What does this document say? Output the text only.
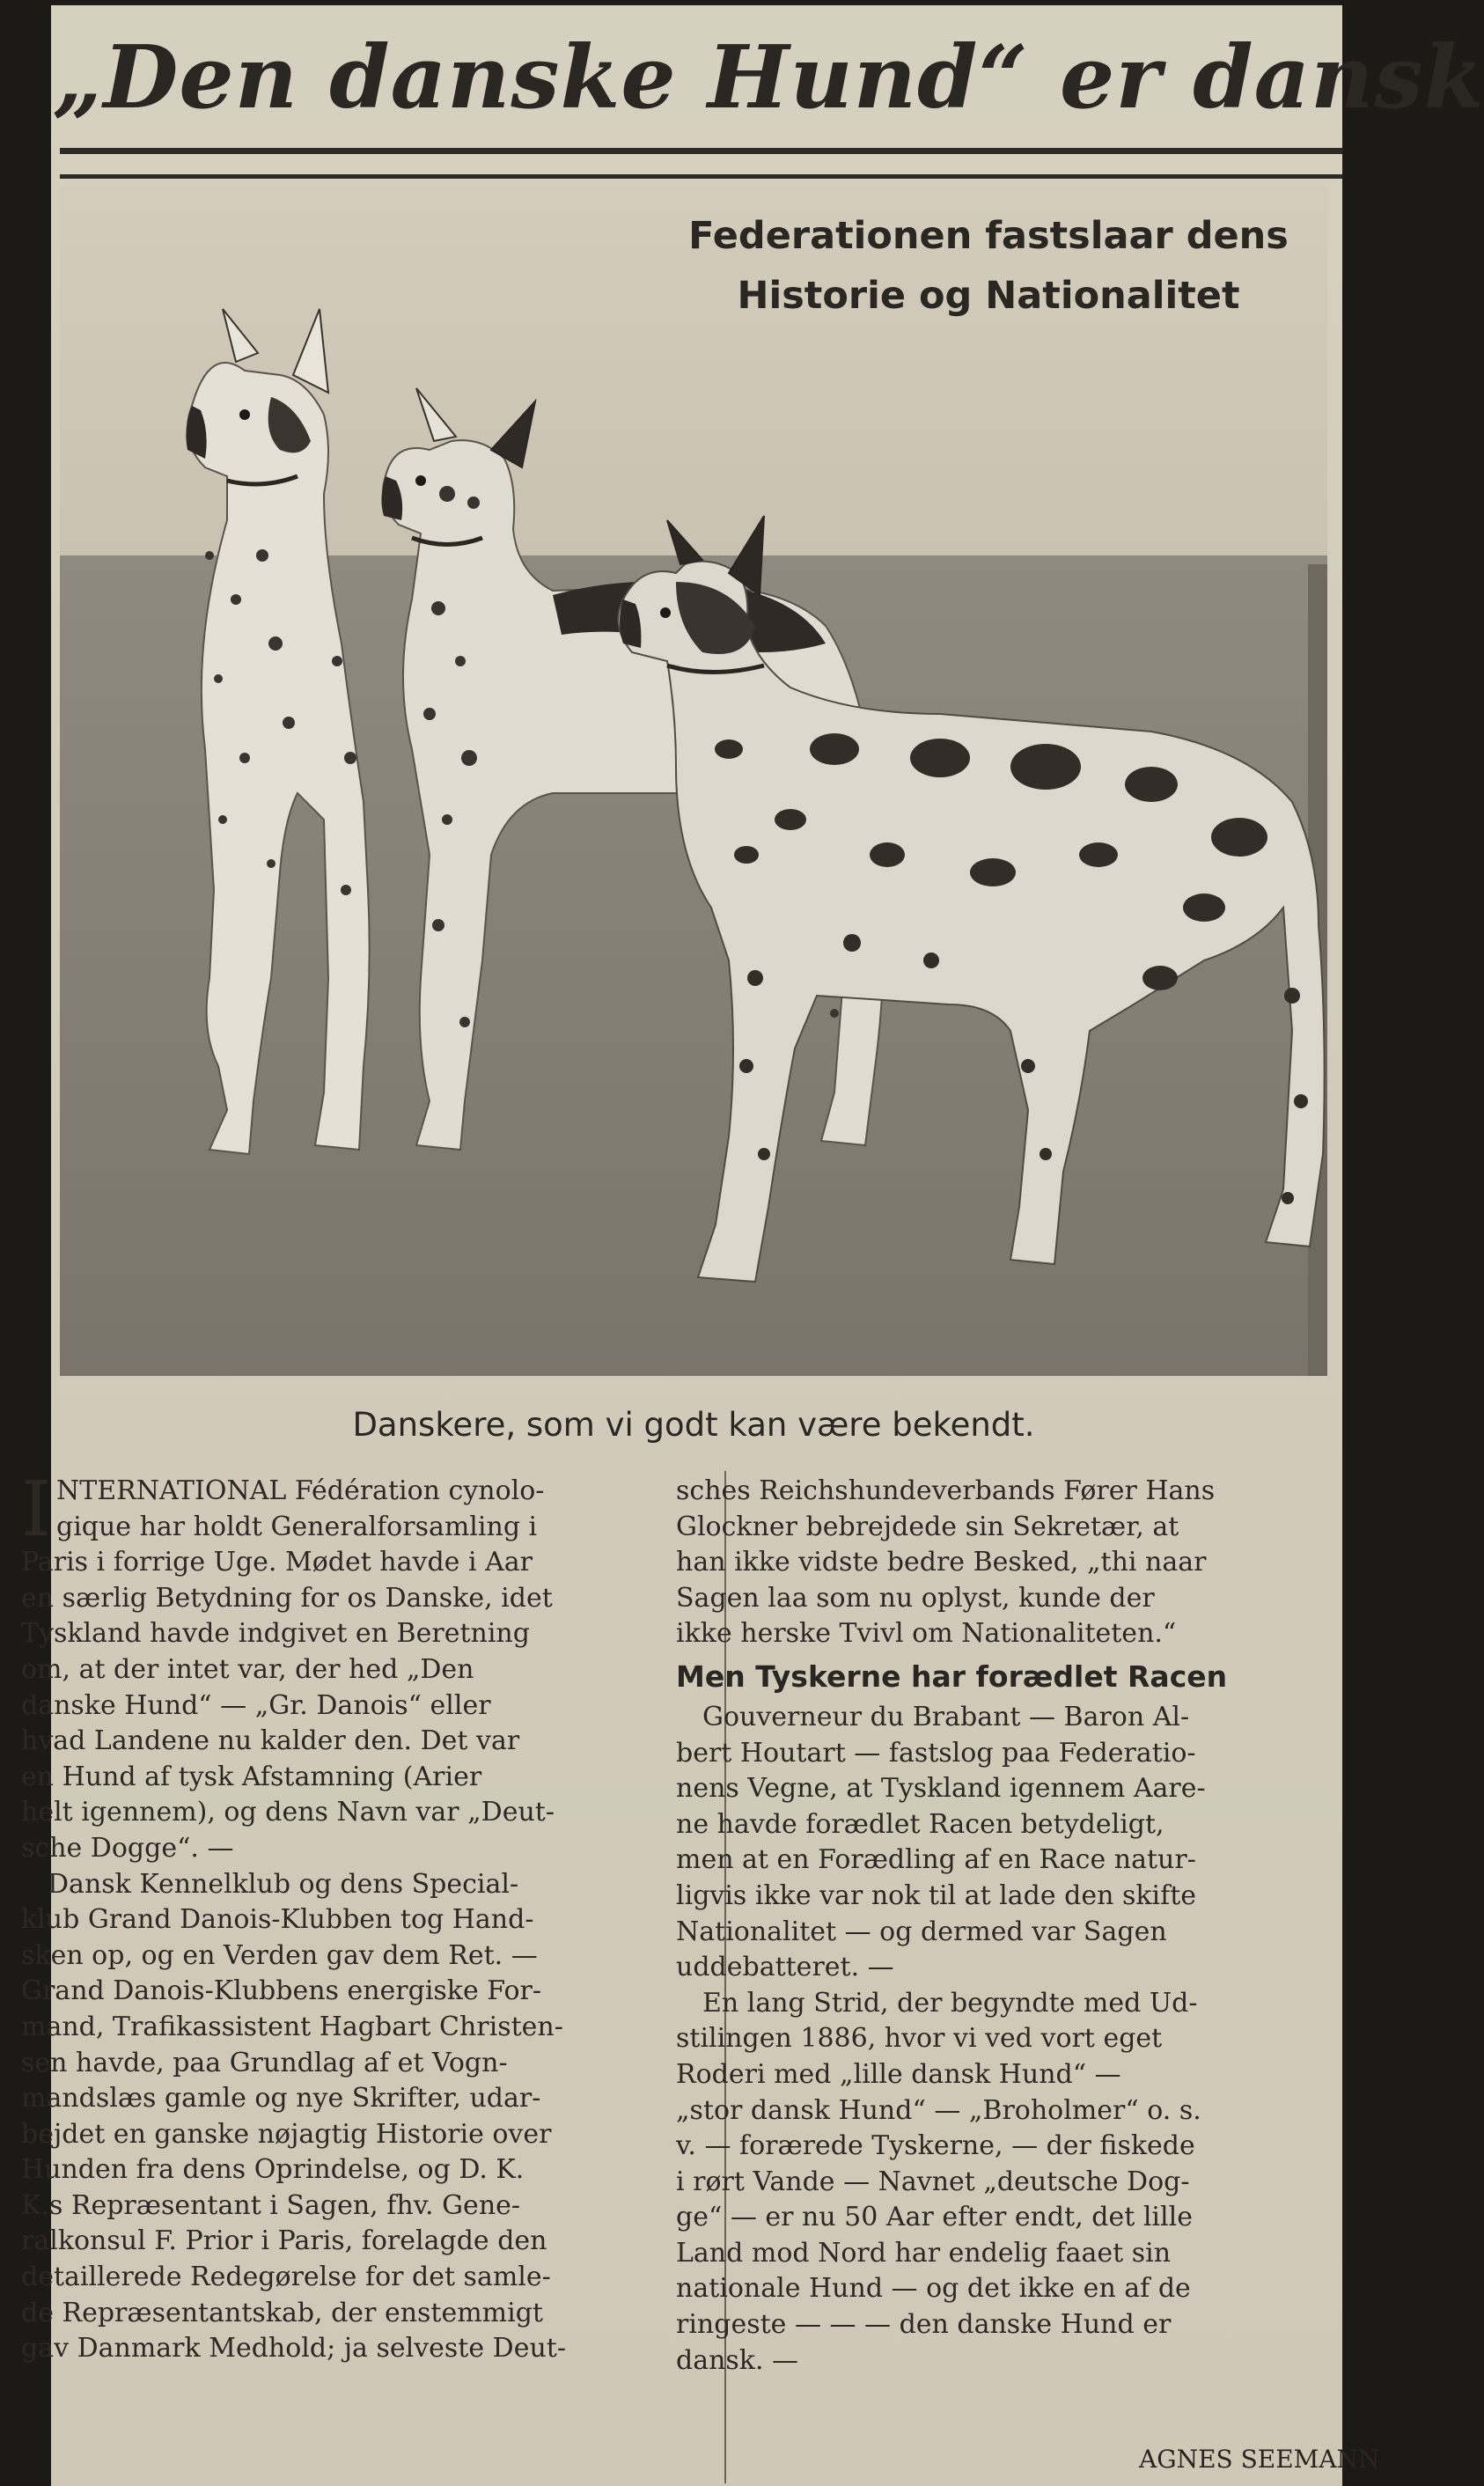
„Den danske Hund“ er dansk
Federationen fastslaar dens
Historie og Nationalitet
Danskere, som vi godt kan være bekendt.
INTERNATIONAL Fédération cynolo-
gique har holdt Generalforsamling i
Paris i forrige Uge. Mødet havde i Aar
en særlig Betydning for os Danske, idet
Tyskland havde indgivet en Beretning
om, at der intet var, der hed „Den
danske Hund“ — „Gr. Danois“ eller
hvad Landene nu kalder den. Det var
en Hund af tysk Afstamning (Arier
helt igennem), og dens Navn var „Deut-
sche Dogge“. —
Dansk Kennelklub og dens Special-
klub Grand Danois-Klubben tog Hand-
sken op, og en Verden gav dem Ret. —
Grand Danois-Klubbens energiske For-
mand, Trafikassistent Hagbart Christen-
sen havde, paa Grundlag af et Vogn-
mandslæs gamle og nye Skrifter, udar-
bejdet en ganske nøjagtig Historie over
Hunden fra dens Oprindelse, og D. K.
K.s Repræsentant i Sagen, fhv. Gene-
ralkonsul F. Prior i Paris, forelagde den
detaillerede Redegørelse for det samle-
de Repræsentantskab, der enstemmigt
gav Danmark Medhold; ja selveste Deut-
sches Reichshundeverbands Fører Hans
Glockner bebrejdede sin Sekretær, at
han ikke vidste bedre Besked, „thi naar
Sagen laa som nu oplyst, kunde der
ikke herske Tvivl om Nationaliteten.“
Men Tyskerne har forædlet Racen
Gouverneur du Brabant — Baron Al-
bert Houtart — fastslog paa Federatio-
nens Vegne, at Tyskland igennem Aare-
ne havde forædlet Racen betydeligt,
men at en Forædling af en Race natur-
ligvis ikke var nok til at lade den skifte
Nationalitet — og dermed var Sagen
uddebatteret. —
En lang Strid, der begyndte med Ud-
stilingen 1886, hvor vi ved vort eget
Roderi med „lille dansk Hund“ —
„stor dansk Hund“ — „Broholmer“ o. s.
v. — forærede Tyskerne, — der fiskede
i rørt Vande — Navnet „deutsche Dog-
ge“ — er nu 50 Aar efter endt, det lille
Land mod Nord har endelig faaet sin
nationale Hund — og det ikke en af de
ringeste — — — den danske Hund er
dansk. —
AGNES SEEMANN
